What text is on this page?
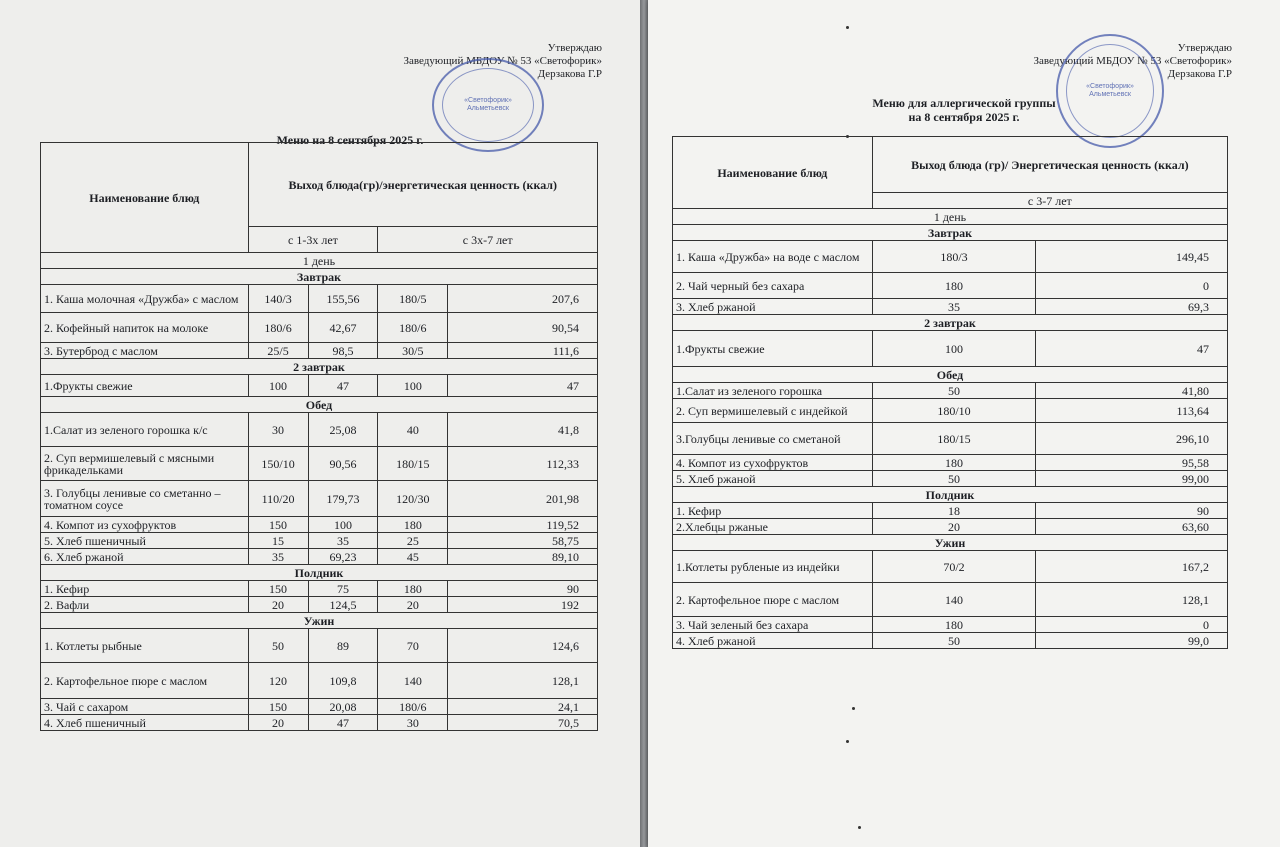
Утверждаю
Заведующий МБДОУ № 53 «Светофорик»
Дерзакова Г.Р
«Светофорик»
Альметьевск
Меню на 8 сентября 2025 г.
Наименование блюд	Выход блюда(гр)/энергетическая ценность (ккал)			
	с 1-3х лет		с 3х-7 лет	
1 день				
Завтрак				
1. Каша молочная «Дружба» с маслом	140/3	155,56	180/5	207,6
2. Кофейный напиток на молоке	180/6	42,67	180/6	90,54
3. Бутерброд с маслом	25/5	98,5	30/5	111,6
2 завтрак				
1.Фрукты свежие	100	47	100	47
Обед				
1.Салат из зеленого горошка к/с	30	25,08	40	41,8
2. Суп вермишелевый с мясными фрикадельками	150/10	90,56	180/15	112,33
3. Голубцы ленивые со сметанно –томатном соусе	110/20	179,73	120/30	201,98
4. Компот из сухофруктов	150	100	180	119,52
5. Хлеб пшеничный	15	35	25	58,75
6. Хлеб ржаной	35	69,23	45	89,10
Полдник				
1. Кефир	150	75	180	90
2. Вафли	20	124,5	20	192
Ужин				
1. Котлеты рыбные	50	89	70	124,6
2. Картофельное пюре с маслом	120	109,8	140	128,1
3. Чай с сахаром	150	20,08	180/6	24,1
4. Хлеб пшеничный	20	47	30	70,5
Утверждаю
Заведующий МБДОУ № 53 «Светофорик»
Дерзакова Г.Р
«Светофорик»
Альметьевск
Меню для аллергической группы
на 8 сентября 2025 г.
Наименование блюд	Выход блюда (гр)/ Энергетическая ценность (ккал)	
	с 3-7 лет	
1 день		
Завтрак		
1. Каша «Дружба» на воде с маслом	180/3	149,45
2. Чай черный без сахара	180	0
3. Хлеб ржаной	35	69,3
2 завтрак		
1.Фрукты свежие	100	47
Обед		
1.Салат из зеленого горошка	50	41,80
2. Суп вермишелевый с индейкой	180/10	113,64
3.Голубцы ленивые со сметаной	180/15	296,10
4. Компот из сухофруктов	180	95,58
5. Хлеб ржаной	50	99,00
Полдник		
1. Кефир	18	90
2.Хлебцы ржаные	20	63,60
Ужин		
1.Котлеты рубленые из индейки	70/2	167,2
2. Картофельное пюре с маслом	140	128,1
3. Чай зеленый без сахара	180	0
4. Хлеб ржаной	50	99,0
